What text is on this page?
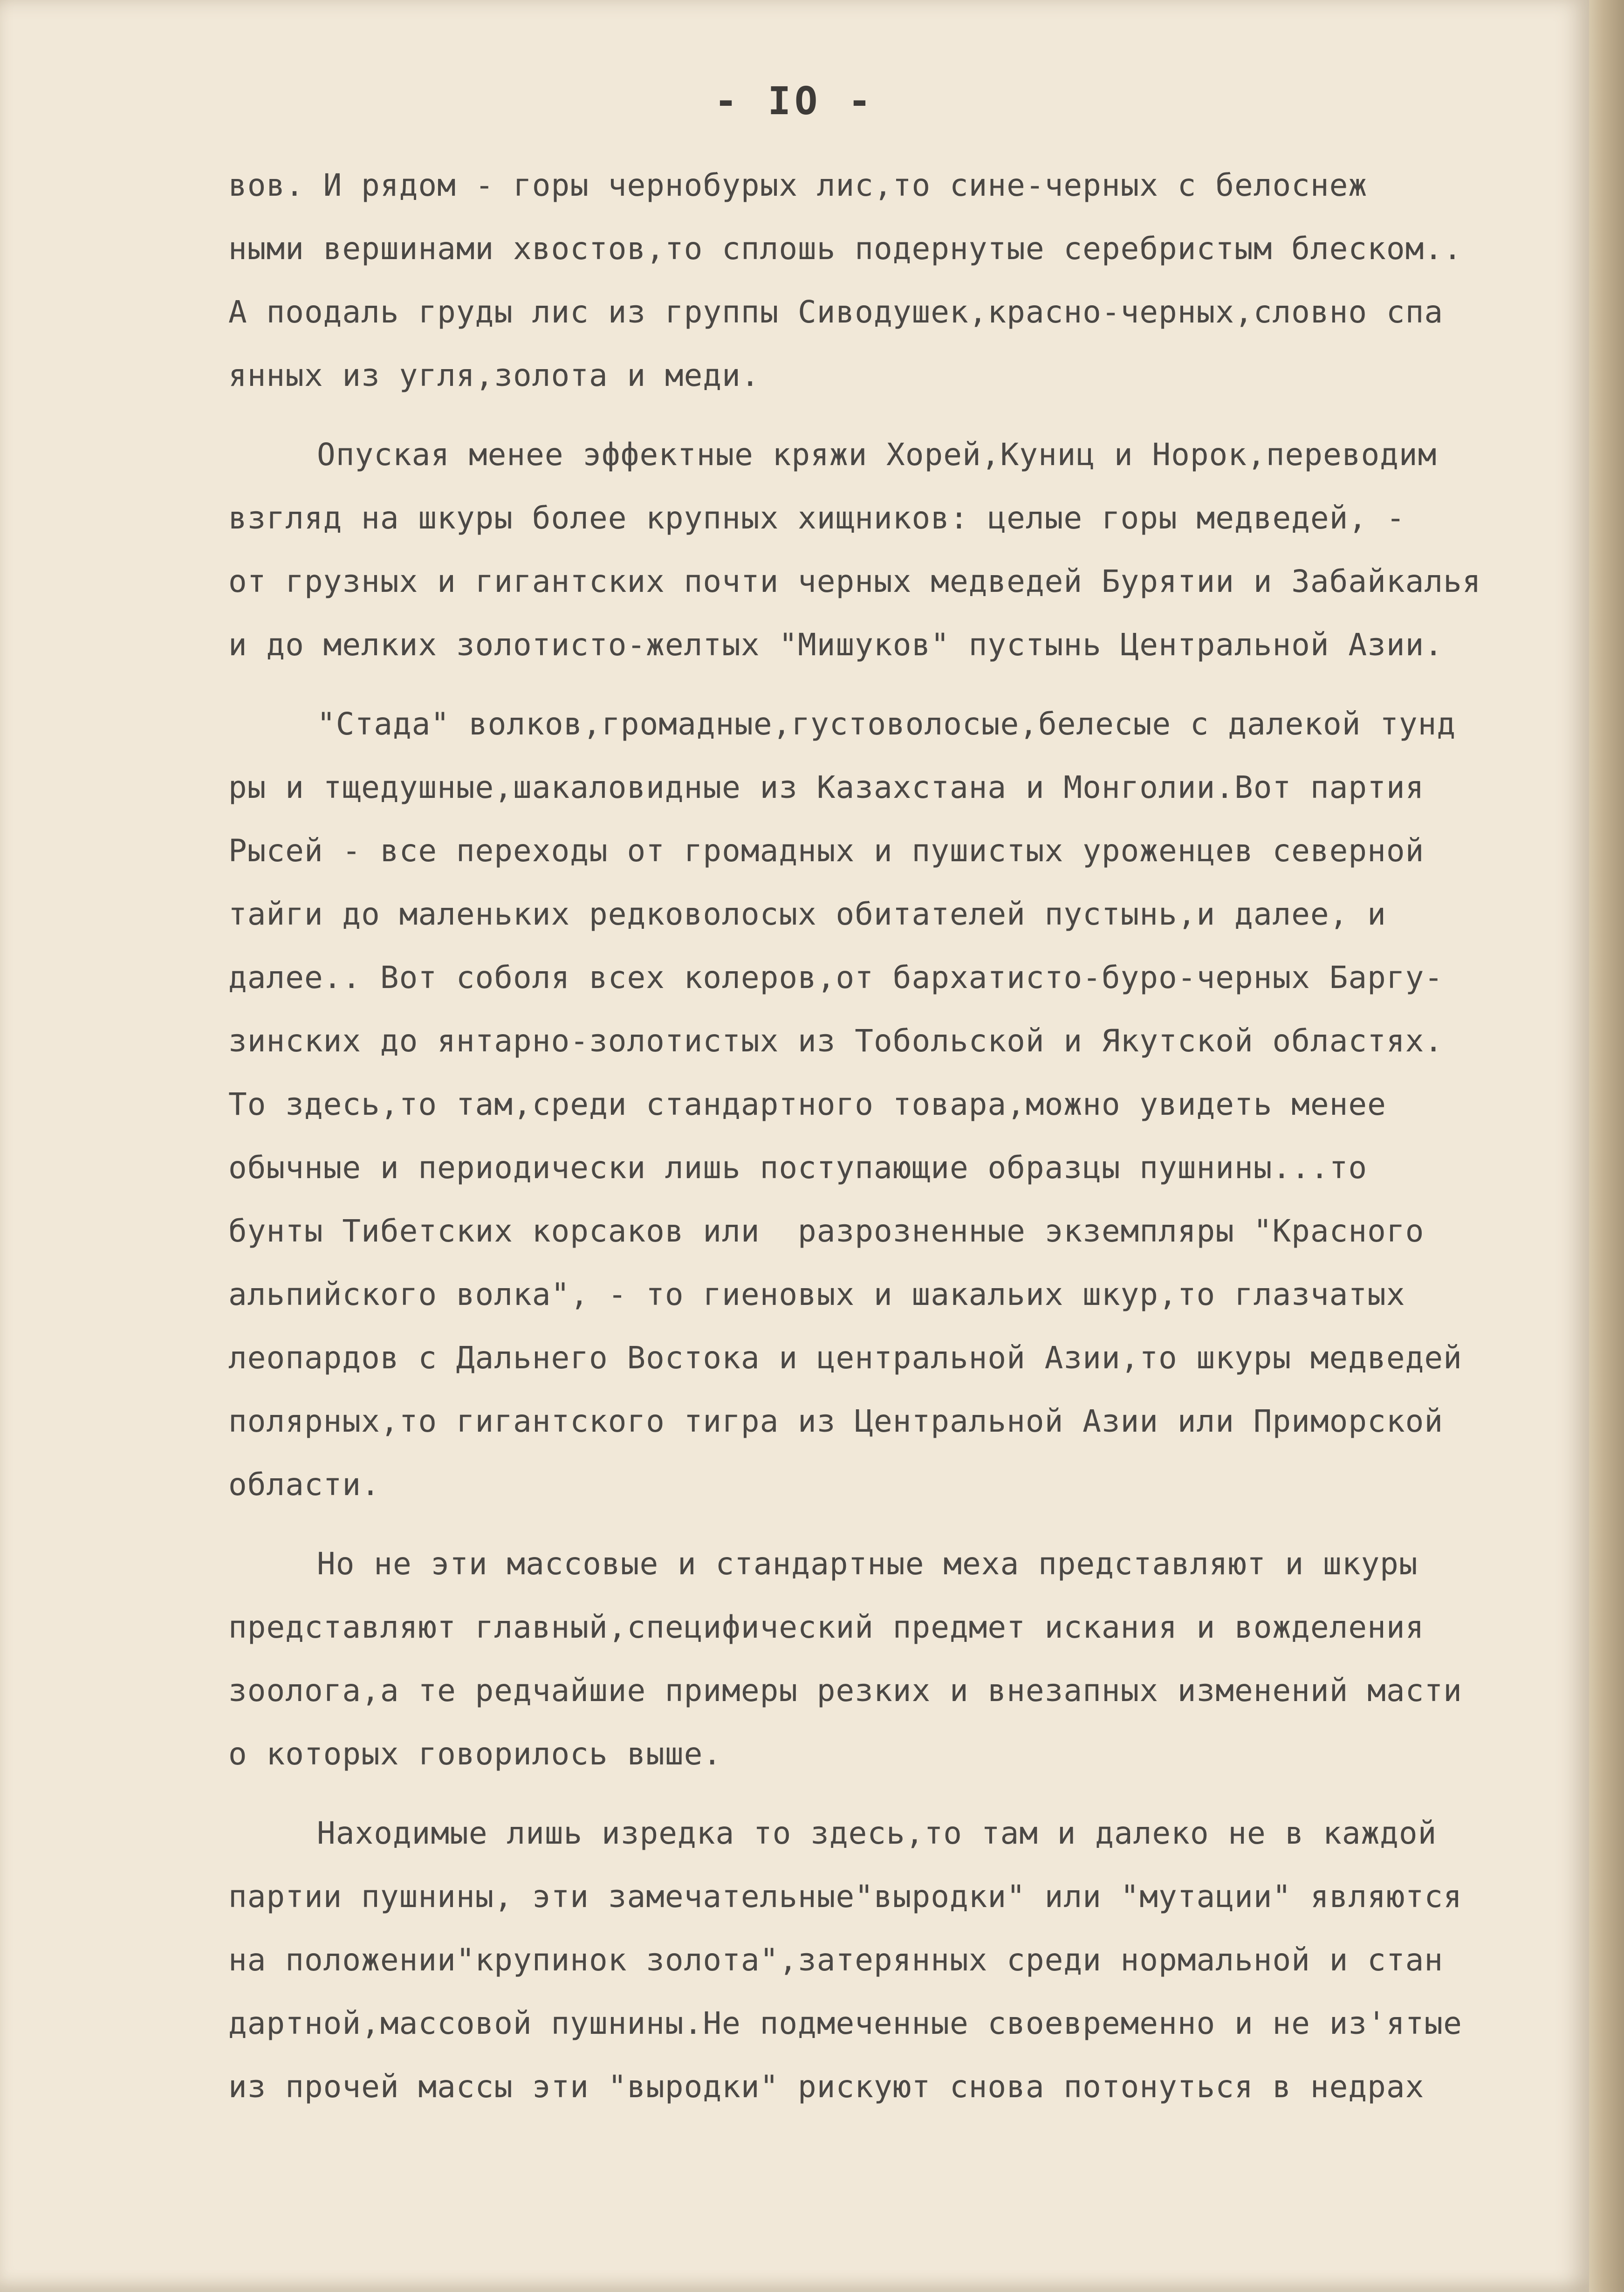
- IO -
вов. И рядом - горы чернобурых лис,то сине-черных с белоснеж
ными вершинами хвостов,то сплошь подернутые серебристым блеском..
А поодаль груды лис из группы Сиводушек,красно-черных,словно спа
янных из угля,золота и меди.
Опуская менее эффектные кряжи Хорей,Куниц и Норок,переводим
взгляд на шкуры более крупных хищников: целые горы медведей, -
от грузных и гигантских почти черных медведей Бурятии и Забайкалья
и до мелких золотисто-желтых "Мишуков" пустынь Центральной Азии.
"Стада" волков,громадные,густоволосые,белесые с далекой тунд
ры и тщедушные,шакаловидные из Казахстана и Монголии.Вот партия
Рысей - все переходы от громадных и пушистых уроженцев северной
тайги до маленьких редковолосых обитателей пустынь,и далее, и
далее.. Вот соболя всех колеров,от бархатисто-буро-черных Баргу-
зинских до янтарно-золотистых из Тобольской и Якутской областях.
То здесь,то там,среди стандартного товара,можно увидеть менее
обычные и периодически лишь поступающие образцы пушнины...то
бунты Тибетских корсаков или  разрозненные экземпляры "Красного
альпийского волка", - то гиеновых и шакальих шкур,то глазчатых
леопардов с Дальнего Востока и центральной Азии,то шкуры медведей
полярных,то гигантского тигра из Центральной Азии или Приморской
области.
Но не эти массовые и стандартные меха представляют и шкуры
представляют главный,специфический предмет искания и вожделения
зоолога,а те редчайшие примеры резких и внезапных изменений масти
о которых говорилось выше.
Находимые лишь изредка то здесь,то там и далеко не в каждой
партии пушнины, эти замечательные"выродки" или "мутации" являются
на положении"крупинок золота",затерянных среди нормальной и стан
дартной,массовой пушнины.Не подмеченные своевременно и не из'ятые
из прочей массы эти "выродки" рискуют снова потонуться в недрах
